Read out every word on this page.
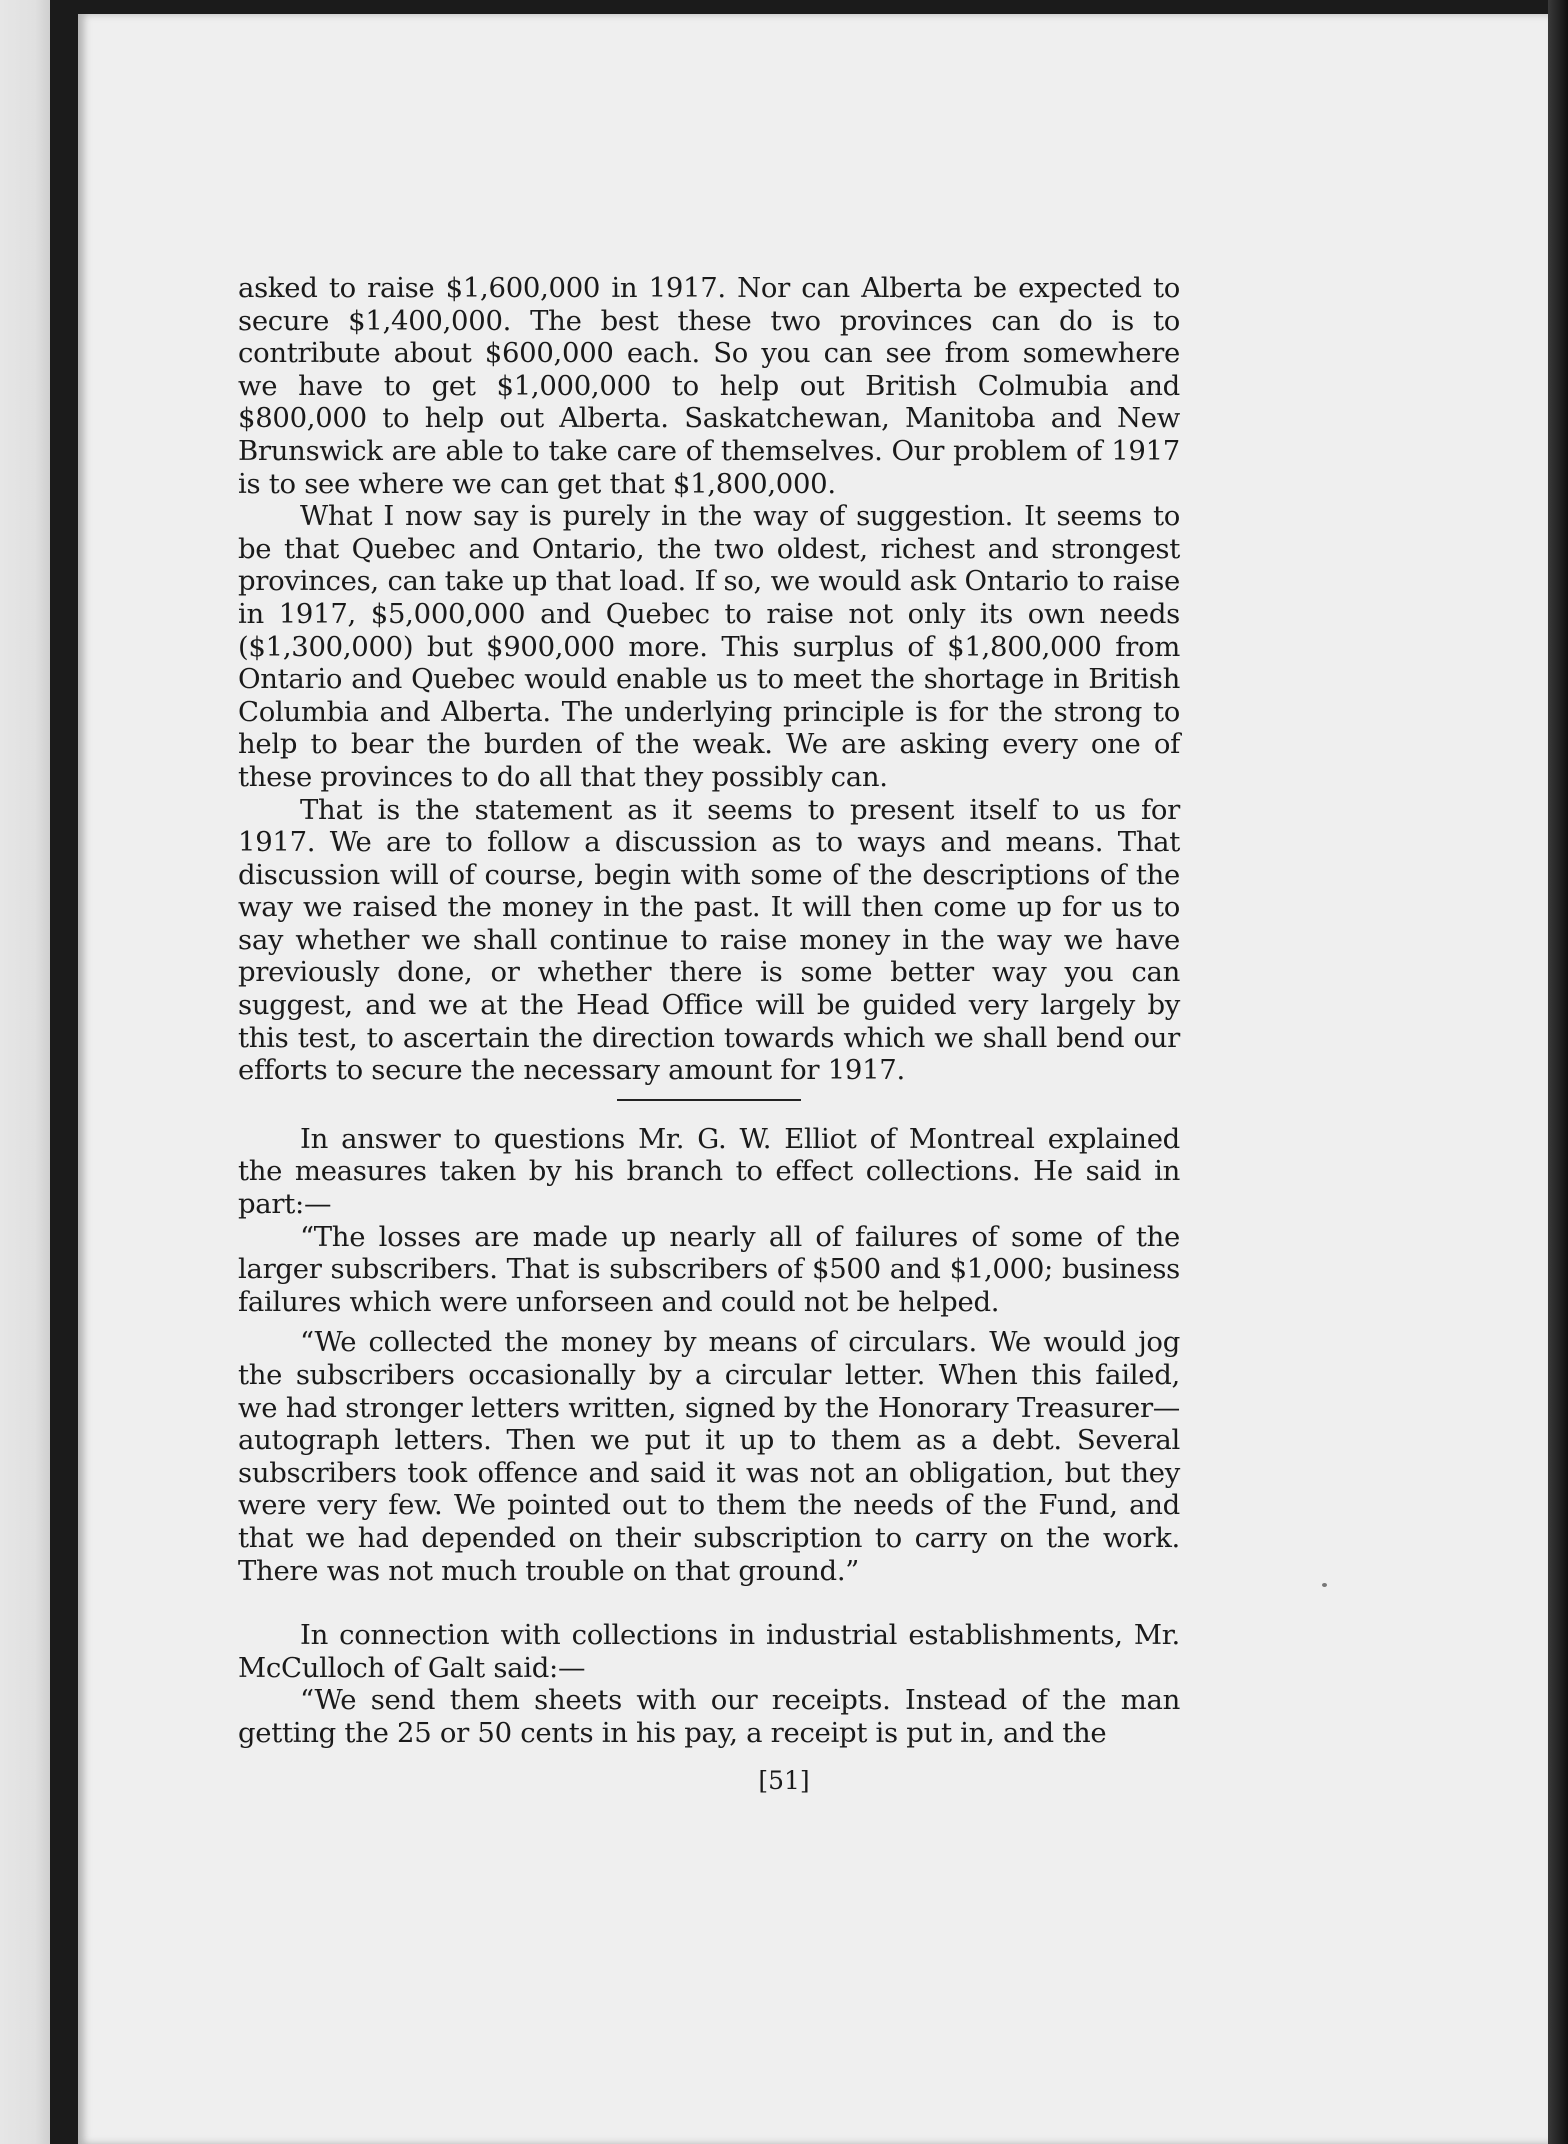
asked to raise $1,600,000 in 1917. Nor can Alberta be expected to secure $1,400,000. The best these two provinces can do is to contribute about $600,000 each. So you can see from somewhere we have to get $1,000,000 to help out British Colmubia and $800,000 to help out Alberta. Saskatchewan, Manitoba and New Brunswick are able to take care of themselves. Our problem of 1917 is to see where we can get that $1,800,000.

What I now say is purely in the way of suggestion. It seems to be that Quebec and Ontario, the two oldest, richest and strongest provinces, can take up that load. If so, we would ask Ontario to raise in 1917, $5,000,000 and Quebec to raise not only its own needs ($1,300,000) but $900,000 more. This surplus of $1,800,000 from Ontario and Quebec would enable us to meet the shortage in British Columbia and Alberta. The underlying principle is for the strong to help to bear the burden of the weak. We are asking every one of these provinces to do all that they possibly can.

That is the statement as it seems to present itself to us for 1917. We are to follow a discussion as to ways and means. That discussion will of course, begin with some of the descriptions of the way we raised the money in the past. It will then come up for us to say whether we shall continue to raise money in the way we have previously done, or whether there is some better way you can suggest, and we at the Head Office will be guided very largely by this test, to ascertain the direction towards which we shall bend our efforts to secure the necessary amount for 1917.

In answer to questions Mr. G. W. Elliot of Montreal explained the measures taken by his branch to effect collections. He said in part:—

“The losses are made up nearly all of failures of some of the larger subscribers. That is subscribers of $500 and $1,000; business failures which were unforseen and could not be helped.

“We collected the money by means of circulars. We would jog the subscribers occasionally by a circular letter. When this failed, we had stronger letters written, signed by the Honorary Treasurer—autograph letters. Then we put it up to them as a debt. Several subscribers took offence and said it was not an obligation, but they were very few. We pointed out to them the needs of the Fund, and that we had depended on their subscription to carry on the work. There was not much trouble on that ground.”

In connection with collections in industrial establishments, Mr. McCulloch of Galt said:—

“We send them sheets with our receipts. Instead of the man getting the 25 or 50 cents in his pay, a receipt is put in, and the

[51]
